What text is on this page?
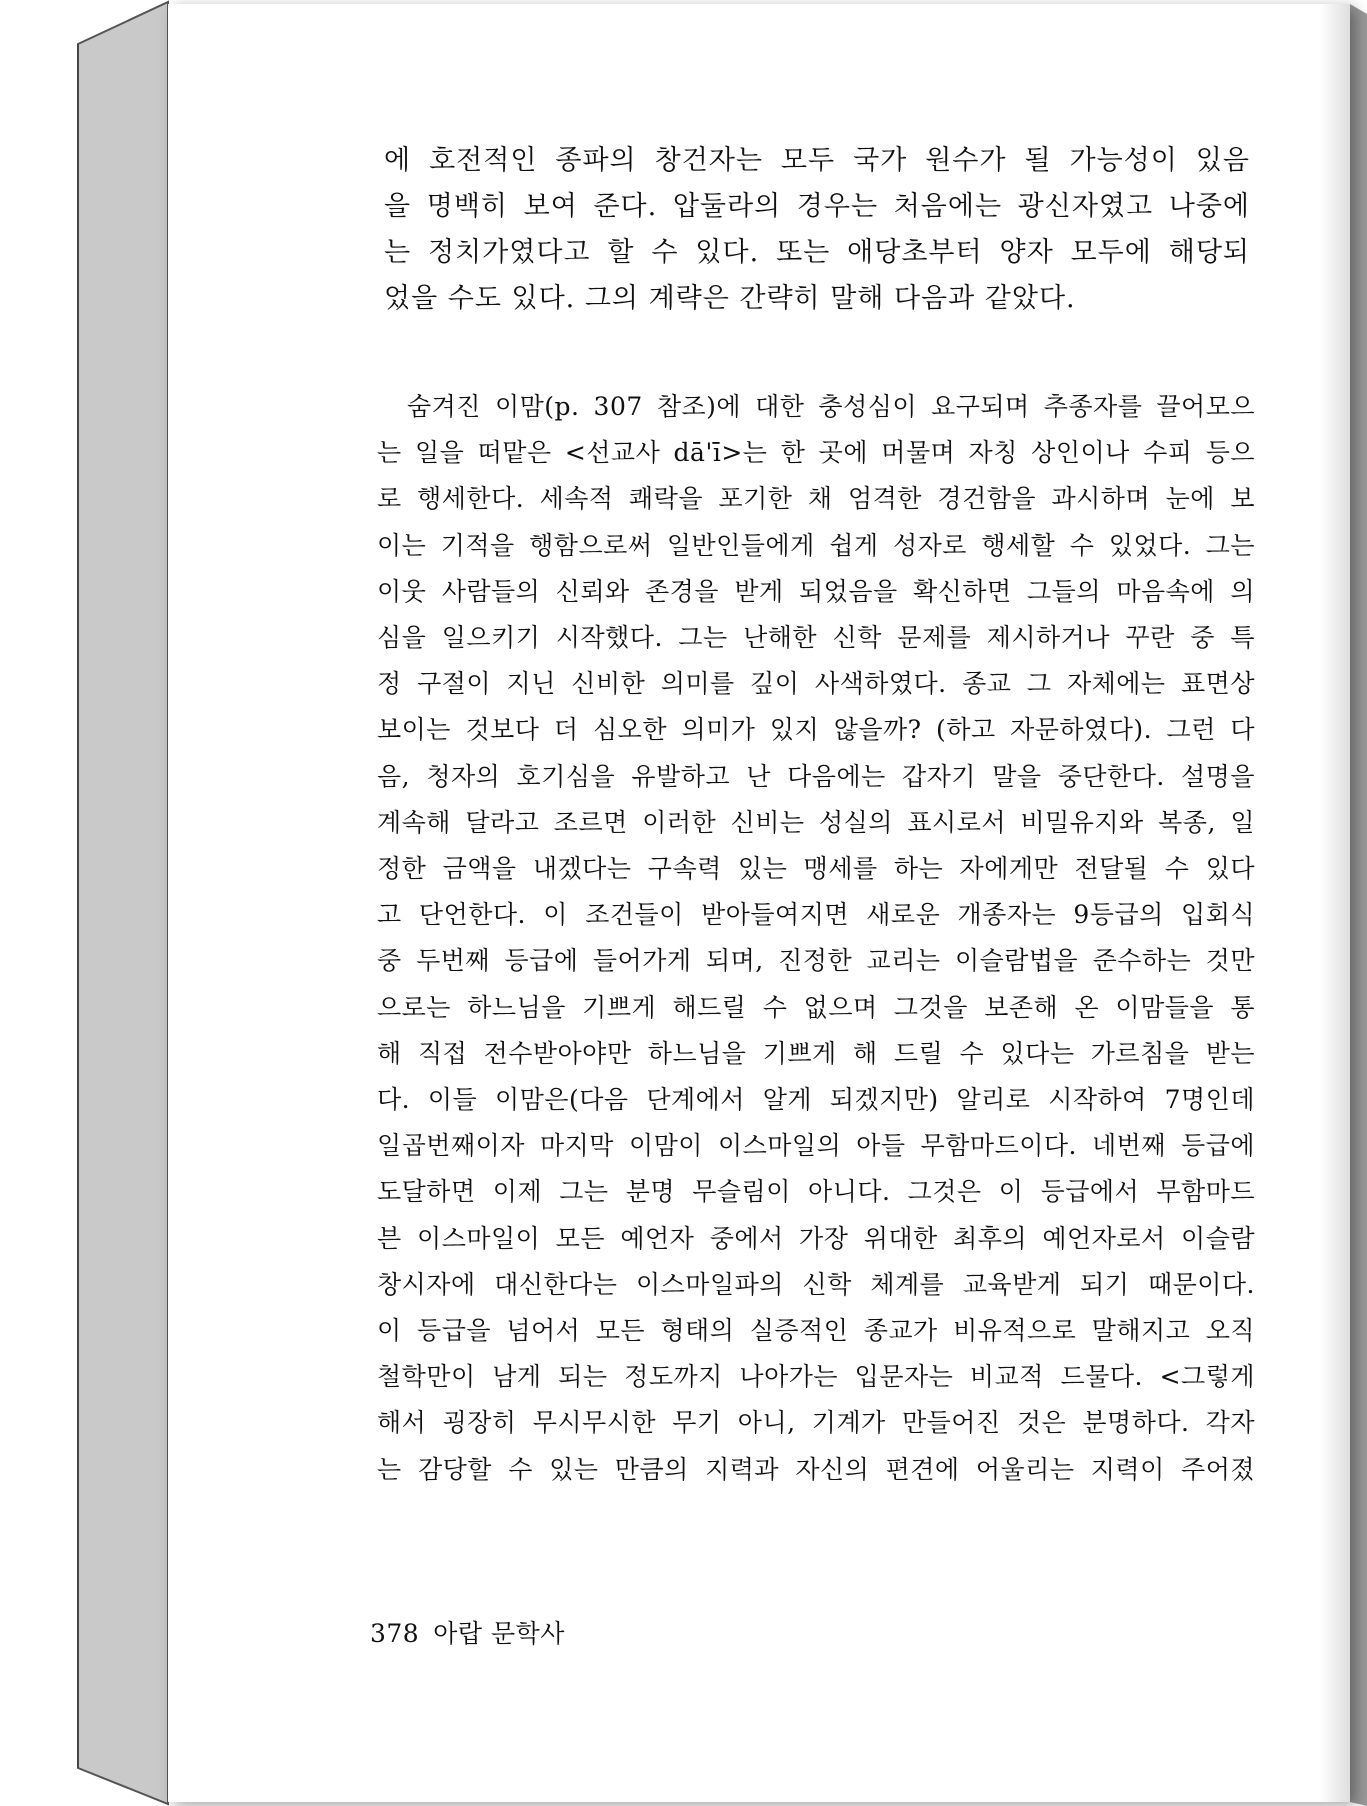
에 호전적인 종파의 창건자는 모두 국가 원수가 될 가능성이 있음
을 명백히 보여 준다. 압둘라의 경우는 처음에는 광신자였고 나중에
는 정치가였다고 할 수 있다. 또는 애당초부터 양자 모두에 해당되
었을 수도 있다. 그의 계략은 간략히 말해 다음과 같았다.
숨겨진 이맘(p. 307 참조)에 대한 충성심이 요구되며 추종자를 끌어모으
는 일을 떠맡은 <선교사 dā'ī>는 한 곳에 머물며 자칭 상인이나 수피 등으
로 행세한다. 세속적 쾌락을 포기한 채 엄격한 경건함을 과시하며 눈에 보
이는 기적을 행함으로써 일반인들에게 쉽게 성자로 행세할 수 있었다. 그는
이웃 사람들의 신뢰와 존경을 받게 되었음을 확신하면 그들의 마음속에 의
심을 일으키기 시작했다. 그는 난해한 신학 문제를 제시하거나 꾸란 중 특
정 구절이 지닌 신비한 의미를 깊이 사색하였다. 종교 그 자체에는 표면상
보이는 것보다 더 심오한 의미가 있지 않을까? (하고 자문하였다). 그런 다
음, 청자의 호기심을 유발하고 난 다음에는 갑자기 말을 중단한다. 설명을
계속해 달라고 조르면 이러한 신비는 성실의 표시로서 비밀유지와 복종, 일
정한 금액을 내겠다는 구속력 있는 맹세를 하는 자에게만 전달될 수 있다
고 단언한다. 이 조건들이 받아들여지면 새로운 개종자는 9등급의 입회식
중 두번째 등급에 들어가게 되며, 진정한 교리는 이슬람법을 준수하는 것만
으로는 하느님을 기쁘게 해드릴 수 없으며 그것을 보존해 온 이맘들을 통
해 직접 전수받아야만 하느님을 기쁘게 해 드릴 수 있다는 가르침을 받는
다. 이들 이맘은(다음 단계에서 알게 되겠지만) 알리로 시작하여 7명인데
일곱번째이자 마지막 이맘이 이스마일의 아들 무함마드이다. 네번째 등급에
도달하면 이제 그는 분명 무슬림이 아니다. 그것은 이 등급에서 무함마드
븐 이스마일이 모든 예언자 중에서 가장 위대한 최후의 예언자로서 이슬람
창시자에 대신한다는 이스마일파의 신학 체계를 교육받게 되기 때문이다.
이 등급을 넘어서 모든 형태의 실증적인 종교가 비유적으로 말해지고 오직
철학만이 남게 되는 정도까지 나아가는 입문자는 비교적 드물다. <그렇게
해서 굉장히 무시무시한 무기 아니, 기계가 만들어진 것은 분명하다. 각자
는 감당할 수 있는 만큼의 지력과 자신의 편견에 어울리는 지력이 주어졌
378 아랍 문학사
